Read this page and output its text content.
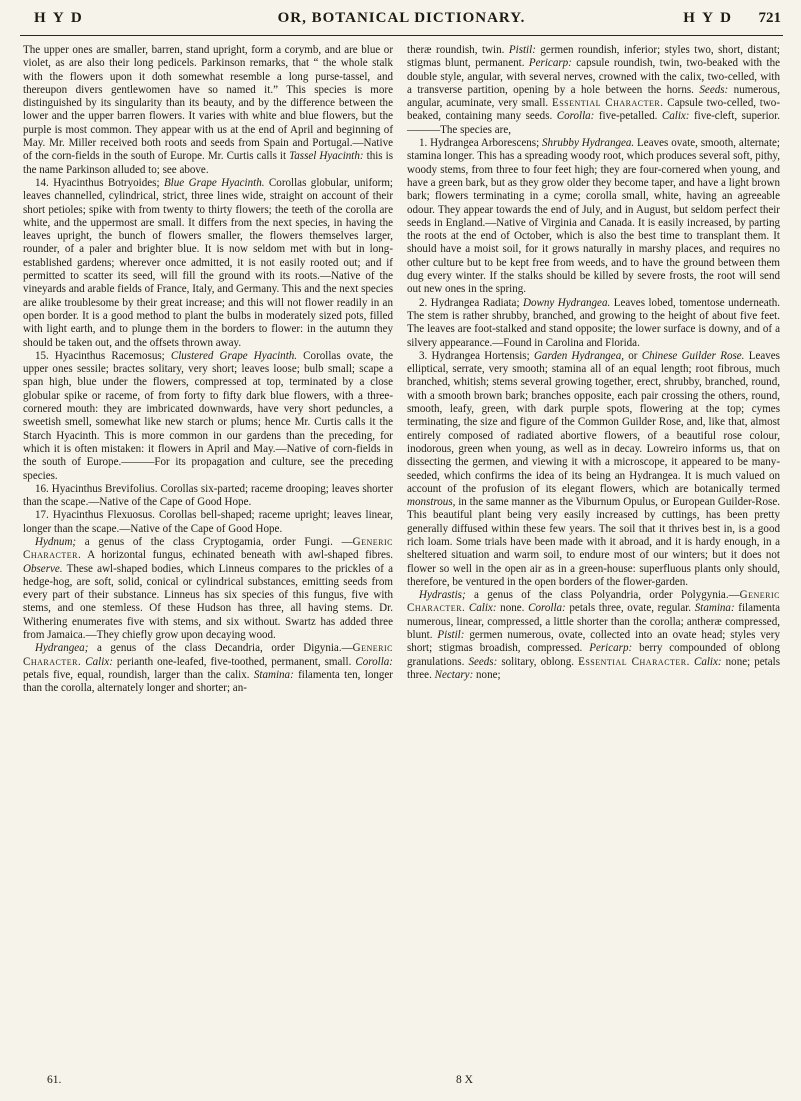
H Y D	OR, BOTANICAL DICTIONARY.	H Y D 721

The upper ones are smaller, barren, stand upright, form a corymb, and are blue or violet, as are also their long pedicels. Parkinson remarks, that “ the whole stalk with the flowers upon it doth somewhat resemble a long purse-tassel, and thereupon divers gentlewomen have so named it.” This species is more distinguished by its singularity than its beauty, and by the difference between the lower and the upper barren flowers. It varies with white and blue flowers, but the purple is most common. They appear with us at the end of April and beginning of May. Mr. Miller received both roots and seeds from Spain and Portugal.—Native of the corn-fields in the south of Europe. Mr. Curtis calls it Tassel Hyacinth: this is the name Parkinson alluded to; see above.

14. Hyacinthus Botryoides; Blue Grape Hyacinth. Corollas globular, uniform; leaves channelled, cylindrical, strict, three lines wide, straight on account of their short petioles; spike with from twenty to thirty flowers; the teeth of the corolla are white, and the uppermost are small. It differs from the next species, in having the leaves upright, the bunch of flowers smaller, the flowers themselves larger, rounder, of a paler and brighter blue. It is now seldom met with but in long-established gardens; wherever once admitted, it is not easily rooted out; and if permitted to scatter its seed, will fill the ground with its roots.—Native of the vineyards and arable fields of France, Italy, and Germany. This and the next species are alike troublesome by their great increase; and this will not flower readily in an open border. It is a good method to plant the bulbs in moderately sized pots, filled with light earth, and to plunge them in the borders to flower: in the autumn they should be taken out, and the offsets thrown away.

15. Hyacinthus Racemosus; Clustered Grape Hyacinth. Corollas ovate, the upper ones sessile; bractes solitary, very short; leaves loose; bulb small; scape a span high, blue under the flowers, compressed at top, terminated by a close globular spike or raceme, of from forty to fifty dark blue flowers, with a three-cornered mouth: they are imbricated downwards, have very short peduncles, a sweetish smell, somewhat like new starch or plums; hence Mr. Curtis calls it the Starch Hyacinth. This is more common in our gardens than the preceding, for which it is often mistaken: it flowers in April and May.—Native of corn-fields in the south of Europe.———For its propagation and culture, see the preceding species.

16. Hyacinthus Brevifolius. Corollas six-parted; raceme drooping; leaves shorter than the scape.—Native of the Cape of Good Hope.

17. Hyacinthus Flexuosus. Corollas bell-shaped; raceme upright; leaves linear, longer than the scape.—Native of the Cape of Good Hope.

Hydnum; a genus of the class Cryptogamia, order Fungi. —Generic Character. A horizontal fungus, echinated beneath with awl-shaped fibres. Observe. These awl-shaped bodies, which Linneus compares to the prickles of a hedge-hog, are soft, solid, conical or cylindrical substances, emitting seeds from every part of their substance. Linneus has six species of this fungus, five with stems, and one stemless. Of these Hudson has three, all having stems. Dr. Withering enumerates five with stems, and six without. Swartz has added three from Jamaica.—They chiefly grow upon decaying wood.

Hydrangea; a genus of the class Decandria, order Digynia.—Generic Character. Calix: perianth one-leafed, five-toothed, permanent, small. Corolla: petals five, equal, roundish, larger than the calix. Stamina: filamenta ten, longer than the corolla, alternately longer and shorter; an-

theræ roundish, twin. Pistil: germen roundish, inferior; styles two, short, distant; stigmas blunt, permanent. Pericarp: capsule roundish, twin, two-beaked with the double style, angular, with several nerves, crowned with the calix, two-celled, with a transverse partition, opening by a hole between the horns. Seeds: numerous, angular, acuminate, very small. Essential Character. Capsule two-celled, two-beaked, containing many seeds. Corolla: five-petalled. Calix: five-cleft, superior.———The species are,

1. Hydrangea Arborescens; Shrubby Hydrangea. Leaves ovate, smooth, alternate; stamina longer. This has a spreading woody root, which produces several soft, pithy, woody stems, from three to four feet high; they are four-cornered when young, and have a green bark, but as they grow older they become taper, and have a light brown bark; flowers terminating in a cyme; corolla small, white, having an agreeable odour. They appear towards the end of July, and in August, but seldom perfect their seeds in England.—Native of Virginia and Canada. It is easily increased, by parting the roots at the end of October, which is also the best time to transplant them. It should have a moist soil, for it grows naturally in marshy places, and requires no other culture but to be kept free from weeds, and to have the ground between them dug every winter. If the stalks should be killed by severe frosts, the root will send out new ones in the spring.

2. Hydrangea Radiata; Downy Hydrangea. Leaves lobed, tomentose underneath. The stem is rather shrubby, branched, and growing to the height of about five feet. The leaves are foot-stalked and stand opposite; the lower surface is downy, and of a silvery appearance.—Found in Carolina and Florida.

3. Hydrangea Hortensis; Garden Hydrangea, or Chinese Guilder Rose. Leaves elliptical, serrate, very smooth; stamina all of an equal length; root fibrous, much branched, whitish; stems several growing together, erect, shrubby, branched, round, with a smooth brown bark; branches opposite, each pair crossing the others, round, smooth, leafy, green, with dark purple spots, flowering at the top; cymes terminating, the size and figure of the Common Guilder Rose, and, like that, almost entirely composed of radiated abortive flowers, of a beautiful rose colour, inodorous, green when young, as well as in decay. Lowreiro informs us, that on dissecting the germen, and viewing it with a microscope, it appeared to be many-seeded, which confirms the idea of its being an Hydrangea. It is much valued on account of the profusion of its elegant flowers, which are botanically termed monstrous, in the same manner as the Viburnum Opulus, or European Guilder-Rose. This beautiful plant being very easily increased by cuttings, has been pretty generally diffused within these few years. The soil that it thrives best in, is a good rich loam. Some trials have been made with it abroad, and it is hardy enough, in a sheltered situation and warm soil, to endure most of our winters; but it does not flower so well in the open air as in a green-house: superfluous plants only should, therefore, be ventured in the open borders of the flower-garden.

Hydrastis; a genus of the class Polyandria, order Polygynia.—Generic Character. Calix: none. Corolla: petals three, ovate, regular. Stamina: filamenta numerous, linear, compressed, a little shorter than the corolla; antheræ compressed, blunt. Pistil: germen numerous, ovate, collected into an ovate head; styles very short; stigmas broadish, compressed. Pericarp: berry compounded of oblong granulations. Seeds: solitary, oblong. Essential Character. Calix: none; petals three. Nectary: none;

61.	8 X
